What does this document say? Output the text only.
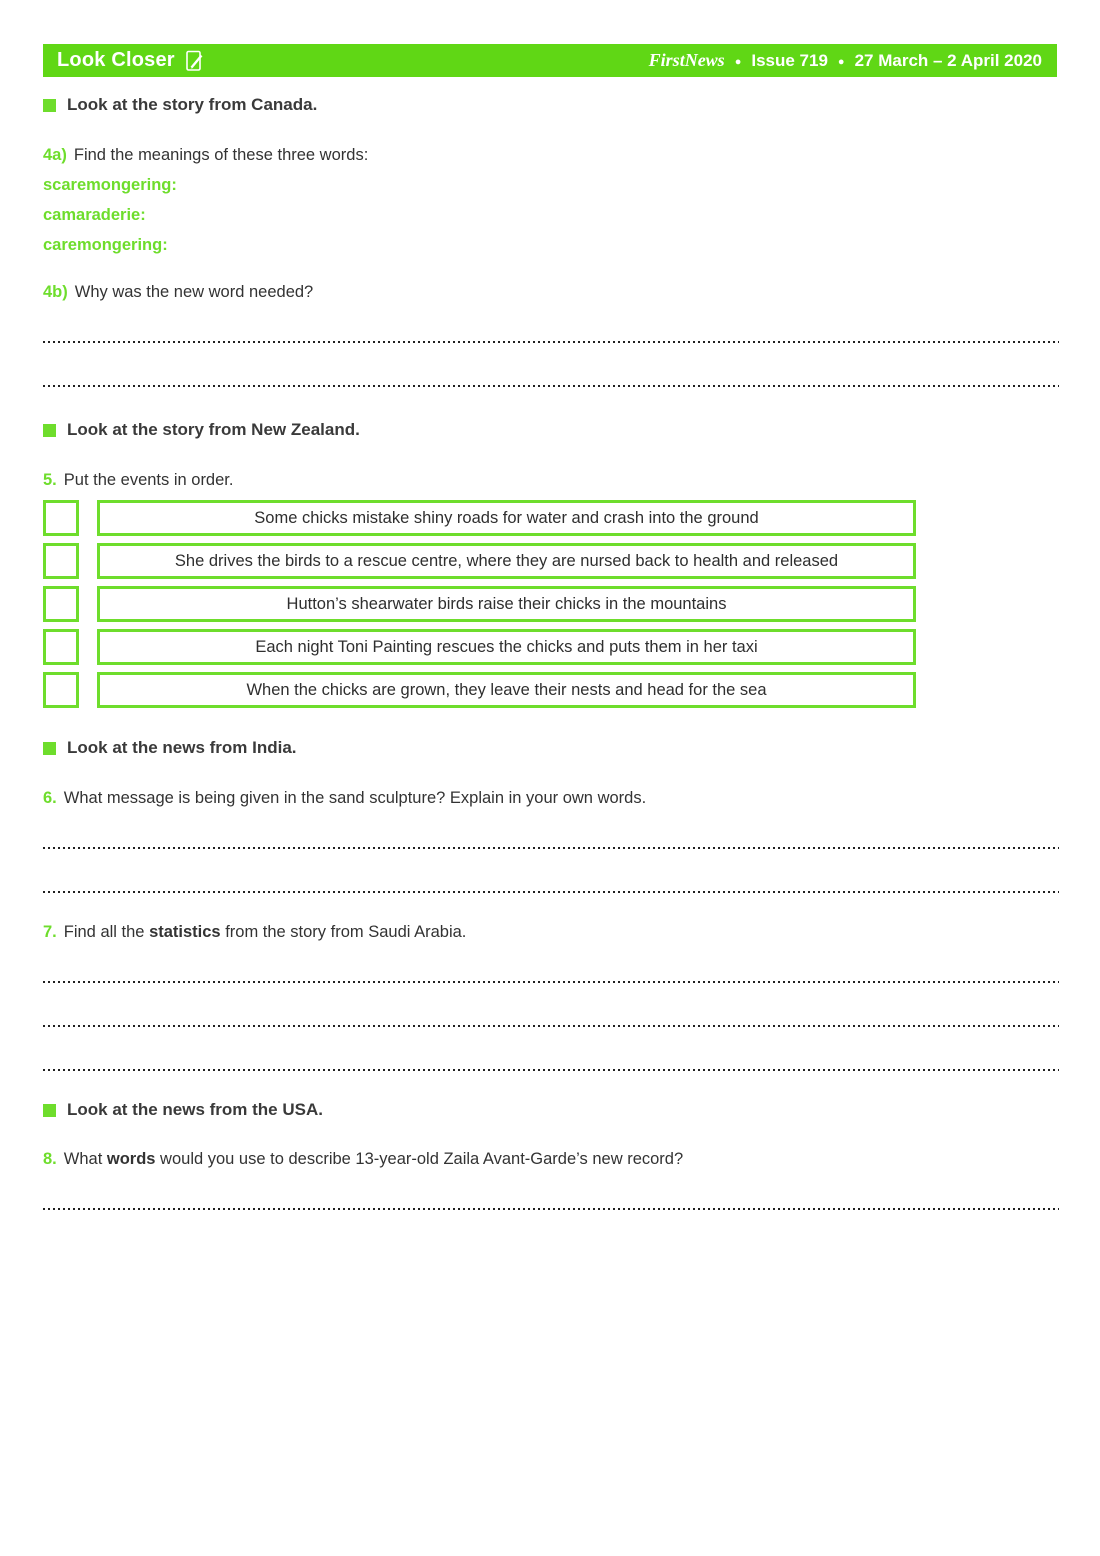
Look Closer	FirstNews ● Issue 719 ● 27 March – 2 April 2020
Look at the story from Canada.

4a) Find the meanings of these three words:

scaremongering:

camaraderie:

caremongering:

4b) Why was the new word needed?

Look at the story from New Zealand.

5. Put the events in order.

Some chicks mistake shiny roads for water and crash into the ground
She drives the birds to a rescue centre, where they are nursed back to health and released
Hutton’s shearwater birds raise their chicks in the mountains
Each night Toni Painting rescues the chicks and puts them in her taxi
When the chicks are grown, they leave their nests and head for the sea
Look at the news from India.

6. What message is being given in the sand sculpture? Explain in your own words.

7. Find all the statistics from the story from Saudi Arabia.

Look at the news from the USA.

8. What words would you use to describe 13-year-old Zaila Avant-Garde’s new record?
